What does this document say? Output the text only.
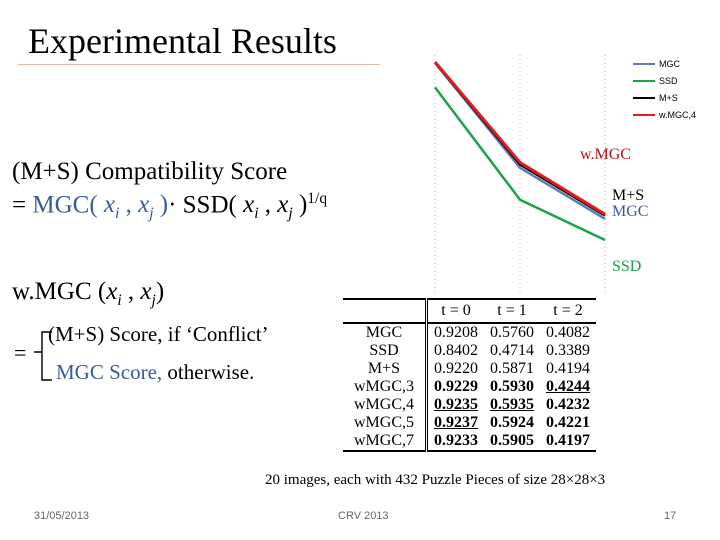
Experimental Results
MGC
SSD
M+S
w.MGC,4
w.MGC
M+S
MGC
SSD
(M+S) Compatibility Score
= MGC( $x_i$ , $x_j$ )· SSD( $x_i$ , $x_j$ )$^{1/q}$
w.MGC ($x_i$ , $x_j$)
=
(M+S) Score, if ‘Conflict’
MGC Score, otherwise.
	t = 0	t = 1	t = 2
MGC	0.9208	0.5760	0.4082
SSD	0.8402	0.4714	0.3389
M+S	0.9220	0.5871	0.4194
wMGC,3	0.9229	0.5930	0.4244
wMGC,4	0.9235	0.5935	0.4232
wMGC,5	0.9237	0.5924	0.4221
wMGC,7	0.9233	0.5905	0.4197
20 images, each with 432 Puzzle Pieces of size 28×28×3
31/05/2013	CRV 2013	17
